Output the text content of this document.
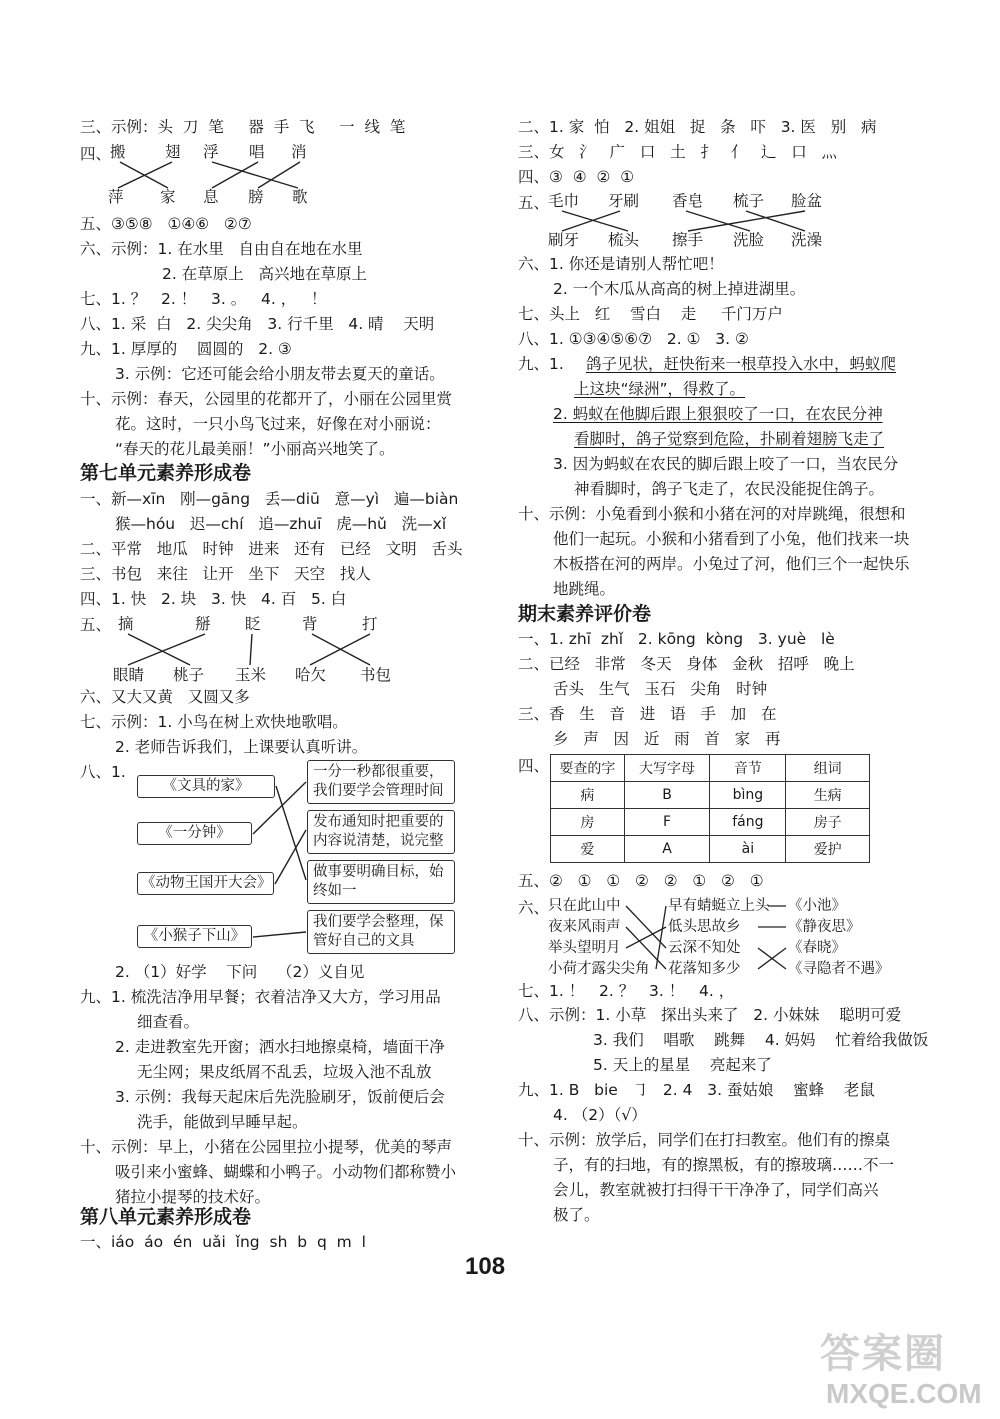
三、示例：头  刀  笔     器  手  飞     一  线  笔
四、
搬	翅 浮 唱 消
萍 家 息 膀 歌
五、③⑤⑧   ①④⑥   ②⑦
六、示例：1. 在水里   自由自在地在水里
2. 在草原上   高兴地在草原上
七、1. ？   2. ！   3. 。   4. ，   ！
八、1. 采  白   2. 尖尖角   3. 行千里   4. 晴    天明
九、1. 厚厚的    圆圆的   2. ③
3. 示例：它还可能会给小朋友带去夏天的童话。
十、示例：春天，公园里的花都开了，小丽在公园里赏
花。这时，一只小鸟飞过来，好像在对小丽说：
“春天的花儿最美丽！”小丽高兴地笑了。
第七单元素养形成卷
一、新—xīn   刚—gāng   丢—diū   意—yì   遍—biàn
猴—hóu   迟—chí   追—zhuī   虎—hǔ   洗—xǐ
二、平常   地瓜   时钟   进来   还有   已经   文明   舌头
三、书包   来往   让开   坐下   天空   找人
四、1. 快   2. 块   3. 快   4. 百   5. 白
五、 摘	掰 眨	背	打
眼睛 桃子 玉米 哈欠 书包
六、又大又黄   又圆又多
七、示例：1. 小鸟在树上欢快地歌唱。
2. 老师告诉我们，上课要认真听讲。
八、1.
《文具的家》
《一分钟》
《动物王国开大会》
《小猴子下山》
一分一秒都很重要，
我们要学会管理时间
发布通知时把重要的
内容说清楚，说完整
做事要明确目标，始
终如一
我们要学会整理，保
管好自己的文具
2. （1）好学    下问    （2）义自见
九、1. 梳洗洁净用早餐；衣着洁净又大方，学习用品
细查看。
2. 走进教室先开窗；洒水扫地擦桌椅，墙面干净
无尘网；果皮纸屑不乱丢，垃圾入池不乱放
3. 示例：我每天起床后先洗脸刷牙，饭前便后会
洗手，能做到早睡早起。
十、示例：早上，小猪在公园里拉小提琴，优美的琴声
吸引来小蜜蜂、蝴蝶和小鸭子。小动物们都称赞小
猪拉小提琴的技术好。
第八单元素养形成卷
一、iáo  áo  én  uǎi  ǐng  sh  b  q  m  l
二、1. 家  怕   2. 姐姐   捉   条   吓   3. 医   别   病
三、女   氵   广   口   土   扌   亻   辶   口   灬
四、③  ④  ②  ①
五、
毛巾 牙刷 香皂 梳子 脸盆
刷牙 梳头 擦手 洗脸 洗澡
六、1. 你还是请别人帮忙吧！
2. 一个木瓜从高高的树上掉进湖里。
七、头上   红    雪白    走     千门万户
八、1. ①③④⑤⑥⑦   2. ①   3. ②
九、1. 鸽子见状，赶快衔来一根草投入水中，蚂蚁爬
上这块“绿洲”，得救了。
2. 蚂蚁在他脚后跟上狠狠咬了一口，在农民分神
看脚时，鸽子觉察到危险，扑刷着翅膀飞走了
3. 因为蚂蚁在农民的脚后跟上咬了一口，当农民分
神看脚时，鸽子飞走了，农民没能捉住鸽子。
十、示例：小兔看到小猴和小猪在河的对岸跳绳，很想和
他们一起玩。小猴和小猪看到了小兔，他们找来一块
木板搭在河的两岸。小兔过了河，他们三个一起快乐
地跳绳。
期末素养评价卷
一、1. zhī  zhǐ   2. kōng  kòng   3. yuè   lè
二、已经   非常   冬天   身体   金秋   招呼   晚上
舌头   生气   玉石   尖角   时钟
三、香   生   音   进   语   手   加   在
乡   声   因   近   雨   首   家   再
四、 要查的字	大写字母	音节	组词
病	B	bìng	生病
房	F	fáng	房子
爱	A	ài	爱护
五、②   ①   ①   ②   ②   ①   ②   ①
六、
只在此山中
夜来风雨声
举头望明月
小荷才露尖尖角
早有蜻蜓立上头
低头思故乡
云深不知处
花落知多少
《小池》
《静夜思》
《春晓》
《寻隐者不遇》
七、1. ！   2. ？   3. ！   4. ，
八、示例：1. 小草   探出头来了   2. 小妹妹    聪明可爱
3. 我们    唱歌    跳舞    4. 妈妈    忙着给我做饭
5. 天上的星星    亮起来了
九、1. B   bie   ㇆   2. 4   3. 蚕姑娘    蜜蜂    老鼠
4. （2）（√）
十、示例：放学后，同学们在打扫教室。他们有的擦桌
子，有的扫地，有的擦黑板，有的擦玻璃……不一
会儿，教室就被打扫得干干净净了，同学们高兴
极了。
108
答案圈
MXQE.COM
